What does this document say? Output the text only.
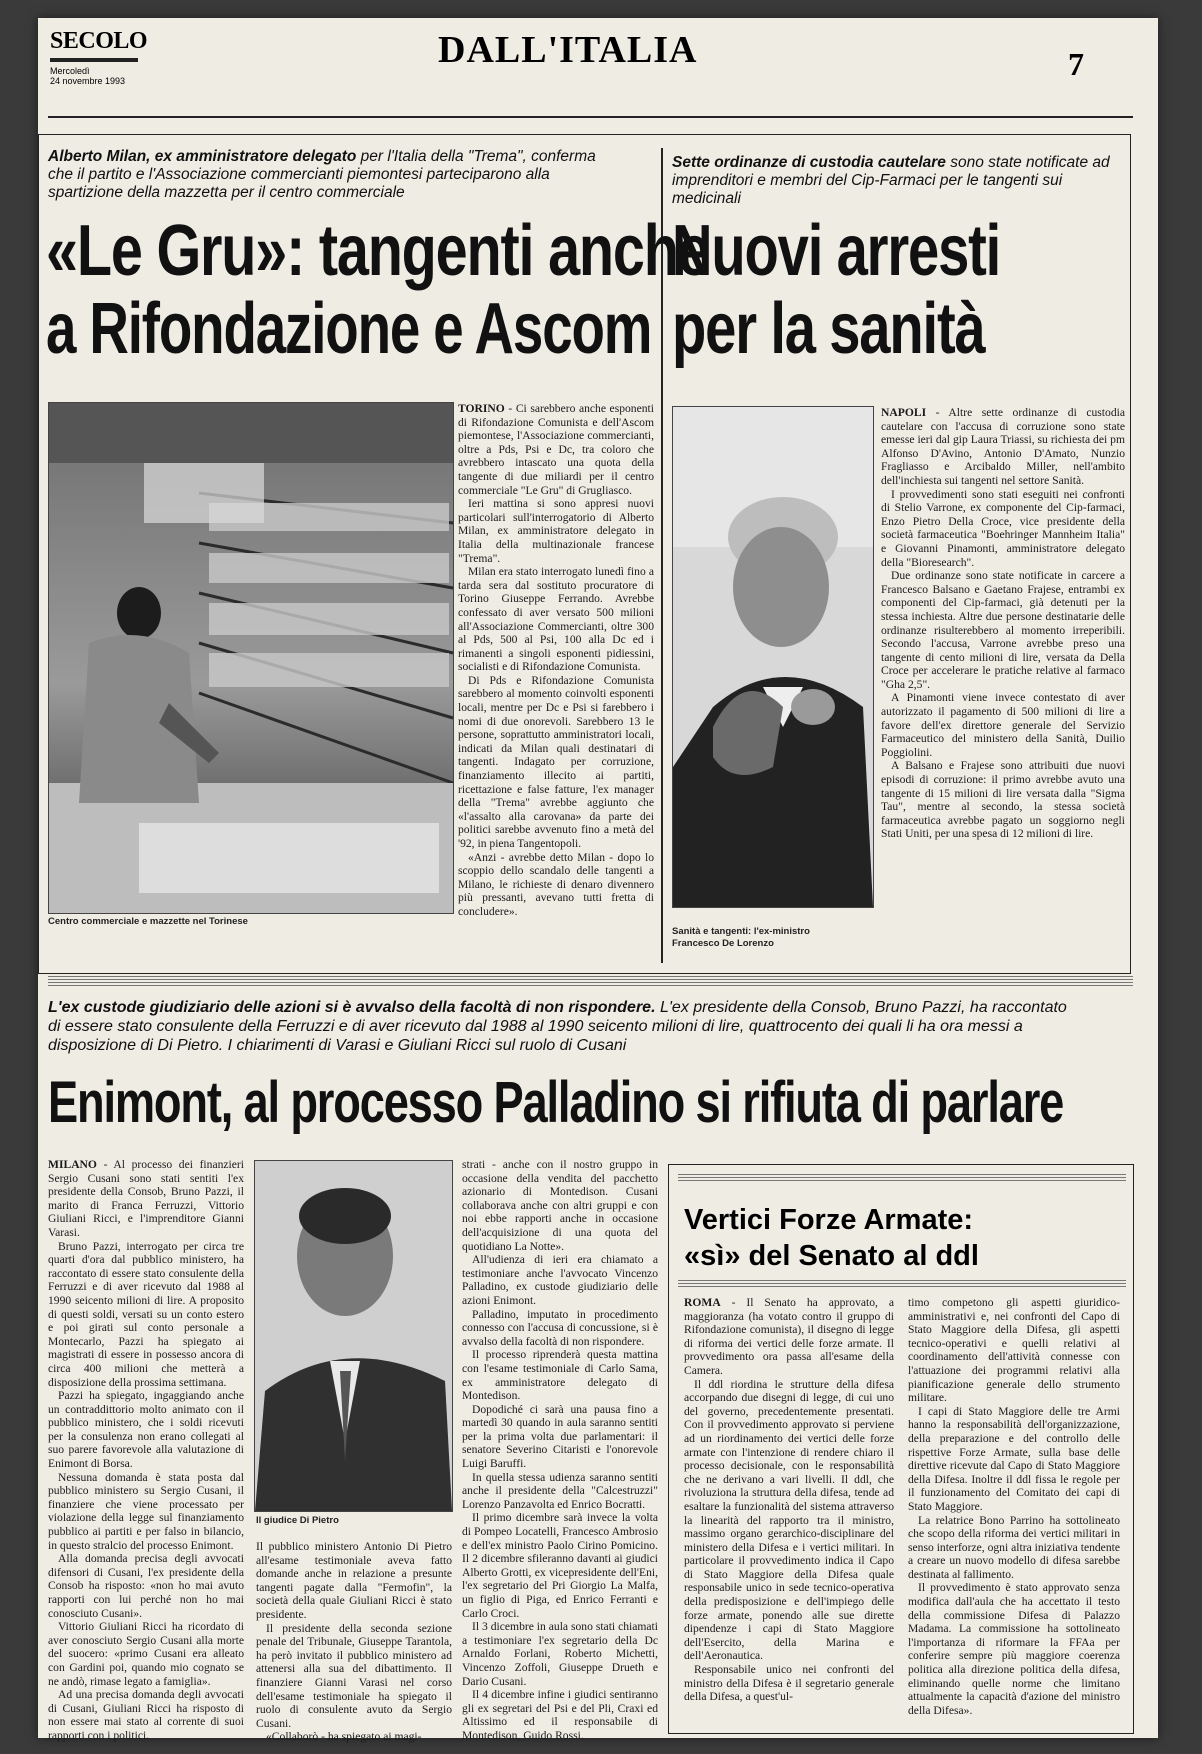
SECOLO
Mercoledì
24 novembre 1993
DALL'ITALIA	7
Alberto Milan, ex amministratore delegato per l'Italia della "Trema", conferma che il partito e l'Associazione commercianti piemontesi parteciparono alla spartizione della mazzetta per il centro commerciale
«Le Gru»: tangenti anche
a Rifondazione e Ascom
Centro commerciale e mazzette nel Torinese

TORINO - Ci sarebbero anche esponenti di Rifondazione Comunista e dell'Ascom piemontese, l'Associazione commercianti, oltre a Pds, Psi e Dc, tra coloro che avrebbero intascato una quota della tangente di due miliardi per il centro commerciale "Le Gru" di Grugliasco.

Ieri mattina si sono appresi nuovi particolari sull'interrogatorio di Alberto Milan, ex amministratore delegato in Italia della multinazionale francese "Trema".

Milan era stato interrogato lunedì fino a tarda sera dal sostituto procuratore di Torino Giuseppe Ferrando. Avrebbe confessato di aver versato 500 milioni all'Associazione Commercianti, oltre 300 al Pds, 500 al Psi, 100 alla Dc ed i rimanenti a singoli esponenti pidiessini, socialisti e di Rifondazione Comunista.

Di Pds e Rifondazione Comunista sarebbero al momento coinvolti esponenti locali, mentre per Dc e Psi si farebbero i nomi di due onorevoli. Sarebbero 13 le persone, soprattutto amministratori locali, indicati da Milan quali destinatari di tangenti. Indagato per corruzione, finanziamento illecito ai partiti, ricettazione e false fatture, l'ex manager della "Trema" avrebbe aggiunto che «l'assalto alla carovana» da parte dei politici sarebbe avvenuto fino a metà del '92, in piena Tangentopoli.

«Anzi - avrebbe detto Milan - dopo lo scoppio dello scandalo delle tangenti a Milano, le richieste di denaro divennero più pressanti, avevano tutti fretta di concludere».

Sette ordinanze di custodia cautelare sono state notificate ad imprenditori e membri del Cip-Farmaci per le tangenti sui medicinali
Nuovi arresti
per la sanità
Sanità e tangenti: l'ex-ministro
Francesco De Lorenzo

NAPOLI - Altre sette ordinanze di custodia cautelare con l'accusa di corruzione sono state emesse ieri dal gip Laura Triassi, su richiesta dei pm Alfonso D'Avino, Antonio D'Amato, Nunzio Fragliasso e Arcibaldo Miller, nell'ambito dell'inchiesta sui tangenti nel settore Sanità.

I provvedimenti sono stati eseguiti nei confronti di Stelio Varrone, ex componente del Cip-farmaci, Enzo Pietro Della Croce, vice presidente della società farmaceutica "Boehringer Mannheim Italia" e Giovanni Pinamonti, amministratore delegato della "Bioresearch".

Due ordinanze sono state notificate in carcere a Francesco Balsano e Gaetano Frajese, entrambi ex componenti del Cip-farmaci, già detenuti per la stessa inchiesta. Altre due persone destinatarie delle ordinanze risulterebbero al momento irreperibili. Secondo l'accusa, Varrone avrebbe preso una tangente di cento milioni di lire, versata da Della Croce per accelerare le pratiche relative al farmaco "Gha 2,5".

A Pinamonti viene invece contestato di aver autorizzato il pagamento di 500 milioni di lire a favore dell'ex direttore generale del Servizio Farmaceutico del ministero della Sanità, Duilio Poggiolini.

A Balsano e Frajese sono attribuiti due nuovi episodi di corruzione: il primo avrebbe avuto una tangente di 15 milioni di lire versata dalla "Sigma Tau", mentre al secondo, la stessa società farmaceutica avrebbe pagato un soggiorno negli Stati Uniti, per una spesa di 12 milioni di lire.

L'ex custode giudiziario delle azioni si è avvalso della facoltà di non rispondere. L'ex presidente della Consob, Bruno Pazzi, ha raccontato di essere stato consulente della Ferruzzi e di aver ricevuto dal 1988 al 1990 seicento milioni di lire, quattrocento dei quali li ha ora messi a disposizione di Di Pietro. I chiarimenti di Varasi e Giuliani Ricci sul ruolo di Cusani
Enimont, al processo Palladino si rifiuta di parlare

MILANO - Al processo dei finanzieri Sergio Cusani sono stati sentiti l'ex presidente della Consob, Bruno Pazzi, il marito di Franca Ferruzzi, Vittorio Giuliani Ricci, e l'imprenditore Gianni Varasi.

Bruno Pazzi, interrogato per circa tre quarti d'ora dal pubblico ministero, ha raccontato di essere stato consulente della Ferruzzi e di aver ricevuto dal 1988 al 1990 seicento milioni di lire. A proposito di questi soldi, versati su un conto estero e poi girati sul conto personale a Montecarlo, Pazzi ha spiegato ai magistrati di essere in possesso ancora di circa 400 milioni che metterà a disposizione della prossima settimana.

Pazzi ha spiegato, ingaggiando anche un contraddittorio molto animato con il pubblico ministero, che i soldi ricevuti per la consulenza non erano collegati al suo parere favorevole alla valutazione di Enimont di Borsa.

Nessuna domanda è stata posta dal pubblico ministero su Sergio Cusani, il finanziere che viene processato per violazione della legge sul finanziamento pubblico ai partiti e per falso in bilancio, in questo stralcio del processo Enimont.

Alla domanda precisa degli avvocati difensori di Cusani, l'ex presidente della Consob ha risposto: «non ho mai avuto rapporti con lui perché non ho mai conosciuto Cusani».

Vittorio Giuliani Ricci ha ricordato di aver conosciuto Sergio Cusani alla morte del suocero: «primo Cusani era alleato con Gardini poi, quando mio cognato se ne andò, rimase legato a famiglia».

Ad una precisa domanda degli avvocati di Cusani, Giuliani Ricci ha risposto di non essere mai stato al corrente di suoi rapporti con i politici.

Il giudice Di Pietro

Il pubblico ministero Antonio Di Pietro all'esame testimoniale aveva fatto domande anche in relazione a presunte tangenti pagate dalla "Fermofin", la società della quale Giuliani Ricci è stato presidente.

Il presidente della seconda sezione penale del Tribunale, Giuseppe Tarantola, ha però invitato il pubblico ministero ad attenersi alla sua del dibattimento. Il finanziere Gianni Varasi nel corso dell'esame testimoniale ha spiegato il ruolo di consulente avuto da Sergio Cusani.

«Collaborò - ha spiegato ai magi-

strati - anche con il nostro gruppo in occasione della vendita del pacchetto azionario di Montedison. Cusani collaborava anche con altri gruppi e con noi ebbe rapporti anche in occasione dell'acquisizione di una quota del quotidiano La Notte».

All'udienza di ieri era chiamato a testimoniare anche l'avvocato Vincenzo Palladino, ex custode giudiziario delle azioni Enimont.

Palladino, imputato in procedimento connesso con l'accusa di concussione, si è avvalso della facoltà di non rispondere.

Il processo riprenderà questa mattina con l'esame testimoniale di Carlo Sama, ex amministratore delegato di Montedison.

Dopodiché ci sarà una pausa fino a martedì 30 quando in aula saranno sentiti per la prima volta due parlamentari: il senatore Severino Citaristi e l'onorevole Luigi Baruffi.

In quella stessa udienza saranno sentiti anche il presidente della "Calcestruzzi" Lorenzo Panzavolta ed Enrico Bocratti.

Il primo dicembre sarà invece la volta di Pompeo Locatelli, Francesco Ambrosio e dell'ex ministro Paolo Cirino Pomicino. Il 2 dicembre sfileranno davanti ai giudici Alberto Grotti, ex vicepresidente dell'Eni, l'ex segretario del Pri Giorgio La Malfa, un figlio di Piga, ed Enrico Ferranti e Carlo Croci.

Il 3 dicembre in aula sono stati chiamati a testimoniare l'ex segretario della Dc Arnaldo Forlani, Roberto Michetti, Vincenzo Zoffoli, Giuseppe Drueth e Dario Cusani.

Il 4 dicembre infine i giudici sentiranno gli ex segretari del Psi e del Pli, Craxi ed Altissimo ed il responsabile di Montedison, Guido Rossi.

Vertici Forze Armate:
«sì» del Senato al ddl

ROMA - Il Senato ha approvato, a maggioranza (ha votato contro il gruppo di Rifondazione comunista), il disegno di legge di riforma dei vertici delle forze armate. Il provvedimento ora passa all'esame della Camera.

Il ddl riordina le strutture della difesa accorpando due disegni di legge, di cui uno del governo, precedentemente presentati. Con il provvedimento approvato si perviene ad un riordinamento dei vertici delle forze armate con l'intenzione di rendere chiaro il processo decisionale, con le responsabilità che ne derivano a vari livelli. Il ddl, che rivoluziona la struttura della difesa, tende ad esaltare la funzionalità del sistema attraverso la linearità del rapporto tra il ministro, massimo organo gerarchico-disciplinare del ministero della Difesa e i vertici militari. In particolare il provvedimento indica il Capo di Stato Maggiore della Difesa quale responsabile unico in sede tecnico-operativa della predisposizione e dell'impiego delle forze armate, ponendo alle sue dirette dipendenze i capi di Stato Maggiore dell'Esercito, della Marina e dell'Aeronautica.

Responsabile unico nei confronti del ministro della Difesa è il segretario generale della Difesa, a quest'ul-

timo competono gli aspetti giuridico-amministrativi e, nei confronti del Capo di Stato Maggiore della Difesa, gli aspetti tecnico-operativi e quelli relativi al coordinamento dell'attività connesse con l'attuazione dei programmi relativi alla pianificazione generale dello strumento militare.

I capi di Stato Maggiore delle tre Armi hanno la responsabilità dell'organizzazione, della preparazione e del controllo delle rispettive Forze Armate, sulla base delle direttive ricevute dal Capo di Stato Maggiore della Difesa. Inoltre il ddl fissa le regole per il funzionamento del Comitato dei capi di Stato Maggiore.

La relatrice Bono Parrino ha sottolineato che scopo della riforma dei vertici militari in senso interforze, ogni altra iniziativa tendente a creare un nuovo modello di difesa sarebbe destinata al fallimento.

Il provvedimento è stato approvato senza modifica dall'aula che ha accettato il testo della commissione Difesa di Palazzo Madama. La commissione ha sottolineato l'importanza di riformare la FFAa per conferire sempre più maggiore coerenza politica alla direzione politica della difesa, eliminando quelle norme che limitano attualmente la capacità d'azione del ministro della Difesa».
